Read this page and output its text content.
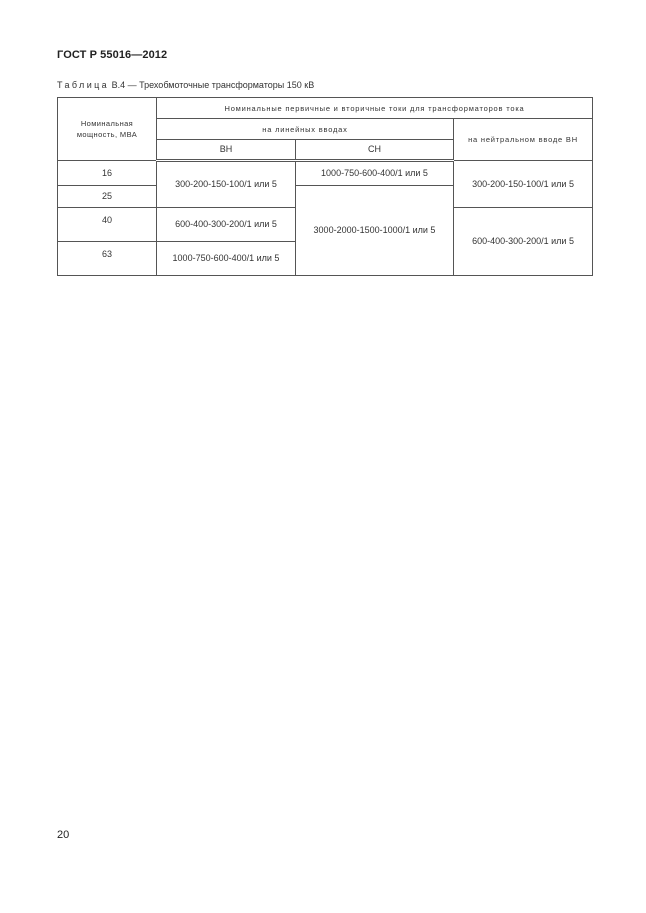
ГОСТ Р 55016—2012
Таблица В.4 — Трехобмоточные трансформаторы 150 кВ
Номинальная мощность, МВА	Номинальные первичные и вторичные токи для трансформаторов тока		
	на линейных вводах		на нейтральном вводе ВН
	ВН	СН	
16	300-200-150-100/1 или 5	1000-750-600-400/1 или 5	300-200-150-100/1 или 5
25		3000-2000-1500-1000/1 или 5	
40	600-400-300-200/1 или 5		600-400-300-200/1 или 5
63	1000-750-600-400/1 или 5		
20
